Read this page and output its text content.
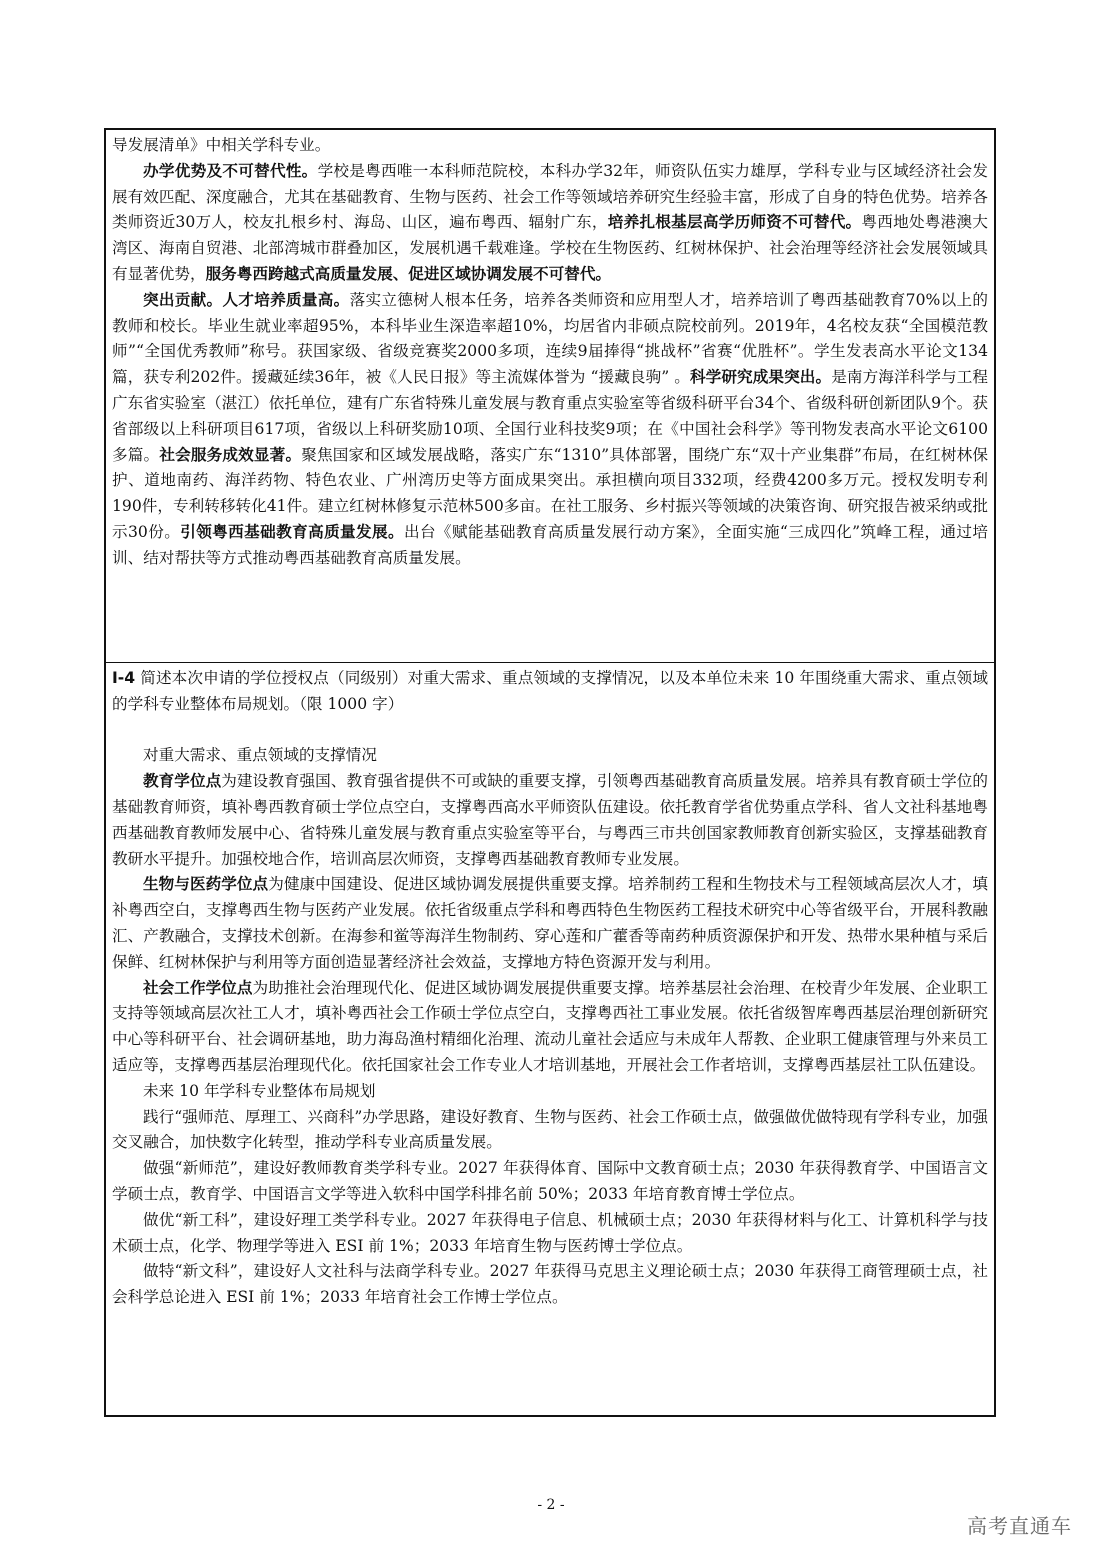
导发展清单》中相关学科专业。

办学优势及不可替代性。学校是粤西唯一本科师范院校，本科办学32年，师资队伍实力雄厚，学科专业与区域经济社会发展有效匹配、深度融合，尤其在基础教育、生物与医药、社会工作等领域培养研究生经验丰富，形成了自身的特色优势。培养各类师资近30万人，校友扎根乡村、海岛、山区，遍布粤西、辐射广东，培养扎根基层高学历师资不可替代。粤西地处粤港澳大湾区、海南自贸港、北部湾城市群叠加区，发展机遇千载难逢。学校在生物医药、红树林保护、社会治理等经济社会发展领域具有显著优势，服务粤西跨越式高质量发展、促进区域协调发展不可替代。

突出贡献。人才培养质量高。落实立德树人根本任务，培养各类师资和应用型人才，培养培训了粤西基础教育70%以上的教师和校长。毕业生就业率超95%，本科毕业生深造率超10%，均居省内非硕点院校前列。2019年，4名校友获“全国模范教师”“全国优秀教师”称号。获国家级、省级竞赛奖2000多项，连续9届捧得“挑战杯”省赛“优胜杯”。学生发表高水平论文134篇，获专利202件。援藏延续36年，被《人民日报》等主流媒体誉为 “援藏良驹” 。科学研究成果突出。是南方海洋科学与工程广东省实验室（湛江）依托单位，建有广东省特殊儿童发展与教育重点实验室等省级科研平台34个、省级科研创新团队9个。获省部级以上科研项目617项，省级以上科研奖励10项、全国行业科技奖9项；在《中国社会科学》等刊物发表高水平论文6100多篇。社会服务成效显著。聚焦国家和区域发展战略，落实广东“1310”具体部署，围绕广东“双十产业集群”布局，在红树林保护、道地南药、海洋药物、特色农业、广州湾历史等方面成果突出。承担横向项目332项，经费4200多万元。授权发明专利190件，专利转移转化41件。建立红树林修复示范林500多亩。在社工服务、乡村振兴等领域的决策咨询、研究报告被采纳或批示30份。引领粤西基础教育高质量发展。出台《赋能基础教育高质量发展行动方案》，全面实施“三成四化”筑峰工程，通过培训、结对帮扶等方式推动粤西基础教育高质量发展。

I-4 简述本次申请的学位授权点（同级别）对重大需求、重点领域的支撑情况，以及本单位未来 10 年围绕重大需求、重点领域的学科专业整体布局规划。（限 1000 字）

对重大需求、重点领域的支撑情况

教育学位点为建设教育强国、教育强省提供不可或缺的重要支撑，引领粤西基础教育高质量发展。培养具有教育硕士学位的基础教育师资，填补粤西教育硕士学位点空白，支撑粤西高水平师资队伍建设。依托教育学省优势重点学科、省人文社科基地粤西基础教育教师发展中心、省特殊儿童发展与教育重点实验室等平台，与粤西三市共创国家教师教育创新实验区，支撑基础教育教研水平提升。加强校地合作，培训高层次师资，支撑粤西基础教育教师专业发展。

生物与医药学位点为健康中国建设、促进区域协调发展提供重要支撑。培养制药工程和生物技术与工程领域高层次人才，填补粤西空白，支撑粤西生物与医药产业发展。依托省级重点学科和粤西特色生物医药工程技术研究中心等省级平台，开展科教融汇、产教融合，支撑技术创新。在海参和鲎等海洋生物制药、穿心莲和广藿香等南药种质资源保护和开发、热带水果种植与采后保鲜、红树林保护与利用等方面创造显著经济社会效益，支撑地方特色资源开发与利用。

社会工作学位点为助推社会治理现代化、促进区域协调发展提供重要支撑。培养基层社会治理、在校青少年发展、企业职工支持等领域高层次社工人才，填补粤西社会工作硕士学位点空白，支撑粤西社工事业发展。依托省级智库粤西基层治理创新研究中心等科研平台、社会调研基地，助力海岛渔村精细化治理、流动儿童社会适应与未成年人帮教、企业职工健康管理与外来员工适应等，支撑粤西基层治理现代化。依托国家社会工作专业人才培训基地，开展社会工作者培训，支撑粤西基层社工队伍建设。

未来 10 年学科专业整体布局规划

践行“强师范、厚理工、兴商科”办学思路，建设好教育、生物与医药、社会工作硕士点，做强做优做特现有学科专业，加强交叉融合，加快数字化转型，推动学科专业高质量发展。

做强“新师范”，建设好教师教育类学科专业。2027 年获得体育、国际中文教育硕士点；2030 年获得教育学、中国语言文学硕士点，教育学、中国语言文学等进入软科中国学科排名前 50%；2033 年培育教育博士学位点。

做优“新工科”，建设好理工类学科专业。2027 年获得电子信息、机械硕士点；2030 年获得材料与化工、计算机科学与技术硕士点，化学、物理学等进入 ESI 前 1%；2033 年培育生物与医药博士学位点。

做特“新文科”，建设好人文社科与法商学科专业。2027 年获得马克思主义理论硕士点；2030 年获得工商管理硕士点，社会科学总论进入 ESI 前 1%；2033 年培育社会工作博士学位点。

- 2 -
高考直通车
